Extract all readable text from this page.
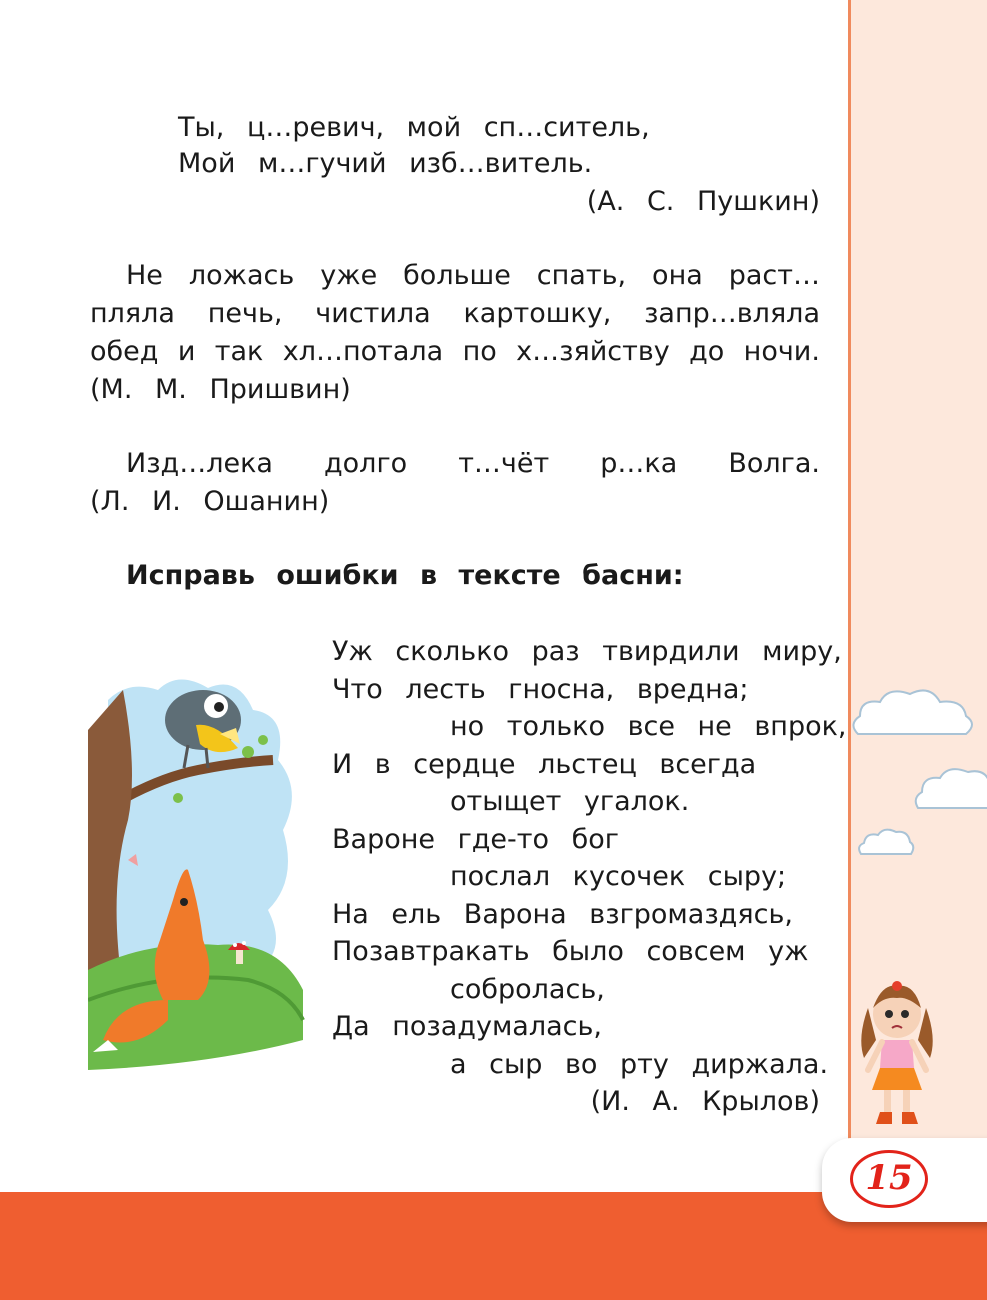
15
Ты, ц…ревич, мой сп…ситель,
Мой м…гучий изб…витель.
(А. С. Пушкин)
Не ложась уже больше спать, она раст…
пляла печь, чистила картошку, запр…вляла
обед и так хл…потала по х…зяйству до ночи.
(М. М. Пришвин)
Изд…лека долго т…чёт р…ка Волга.
(Л. И. Ошанин)
Исправь ошибки в тексте басни:
Уж сколько раз твирдили миру,
Что лесть гноcна, вредна;
но только все не впрок,
И в сердце льстец всегда
отыщет угалок.
Вароне где-то бог
послал кусочек сыру;
На ель Варона взгромаздясь,
Позавтракать было совсем уж
собролась,
Да позадумалась,
а сыр во рту диржала.
(И. А. Крылов)
